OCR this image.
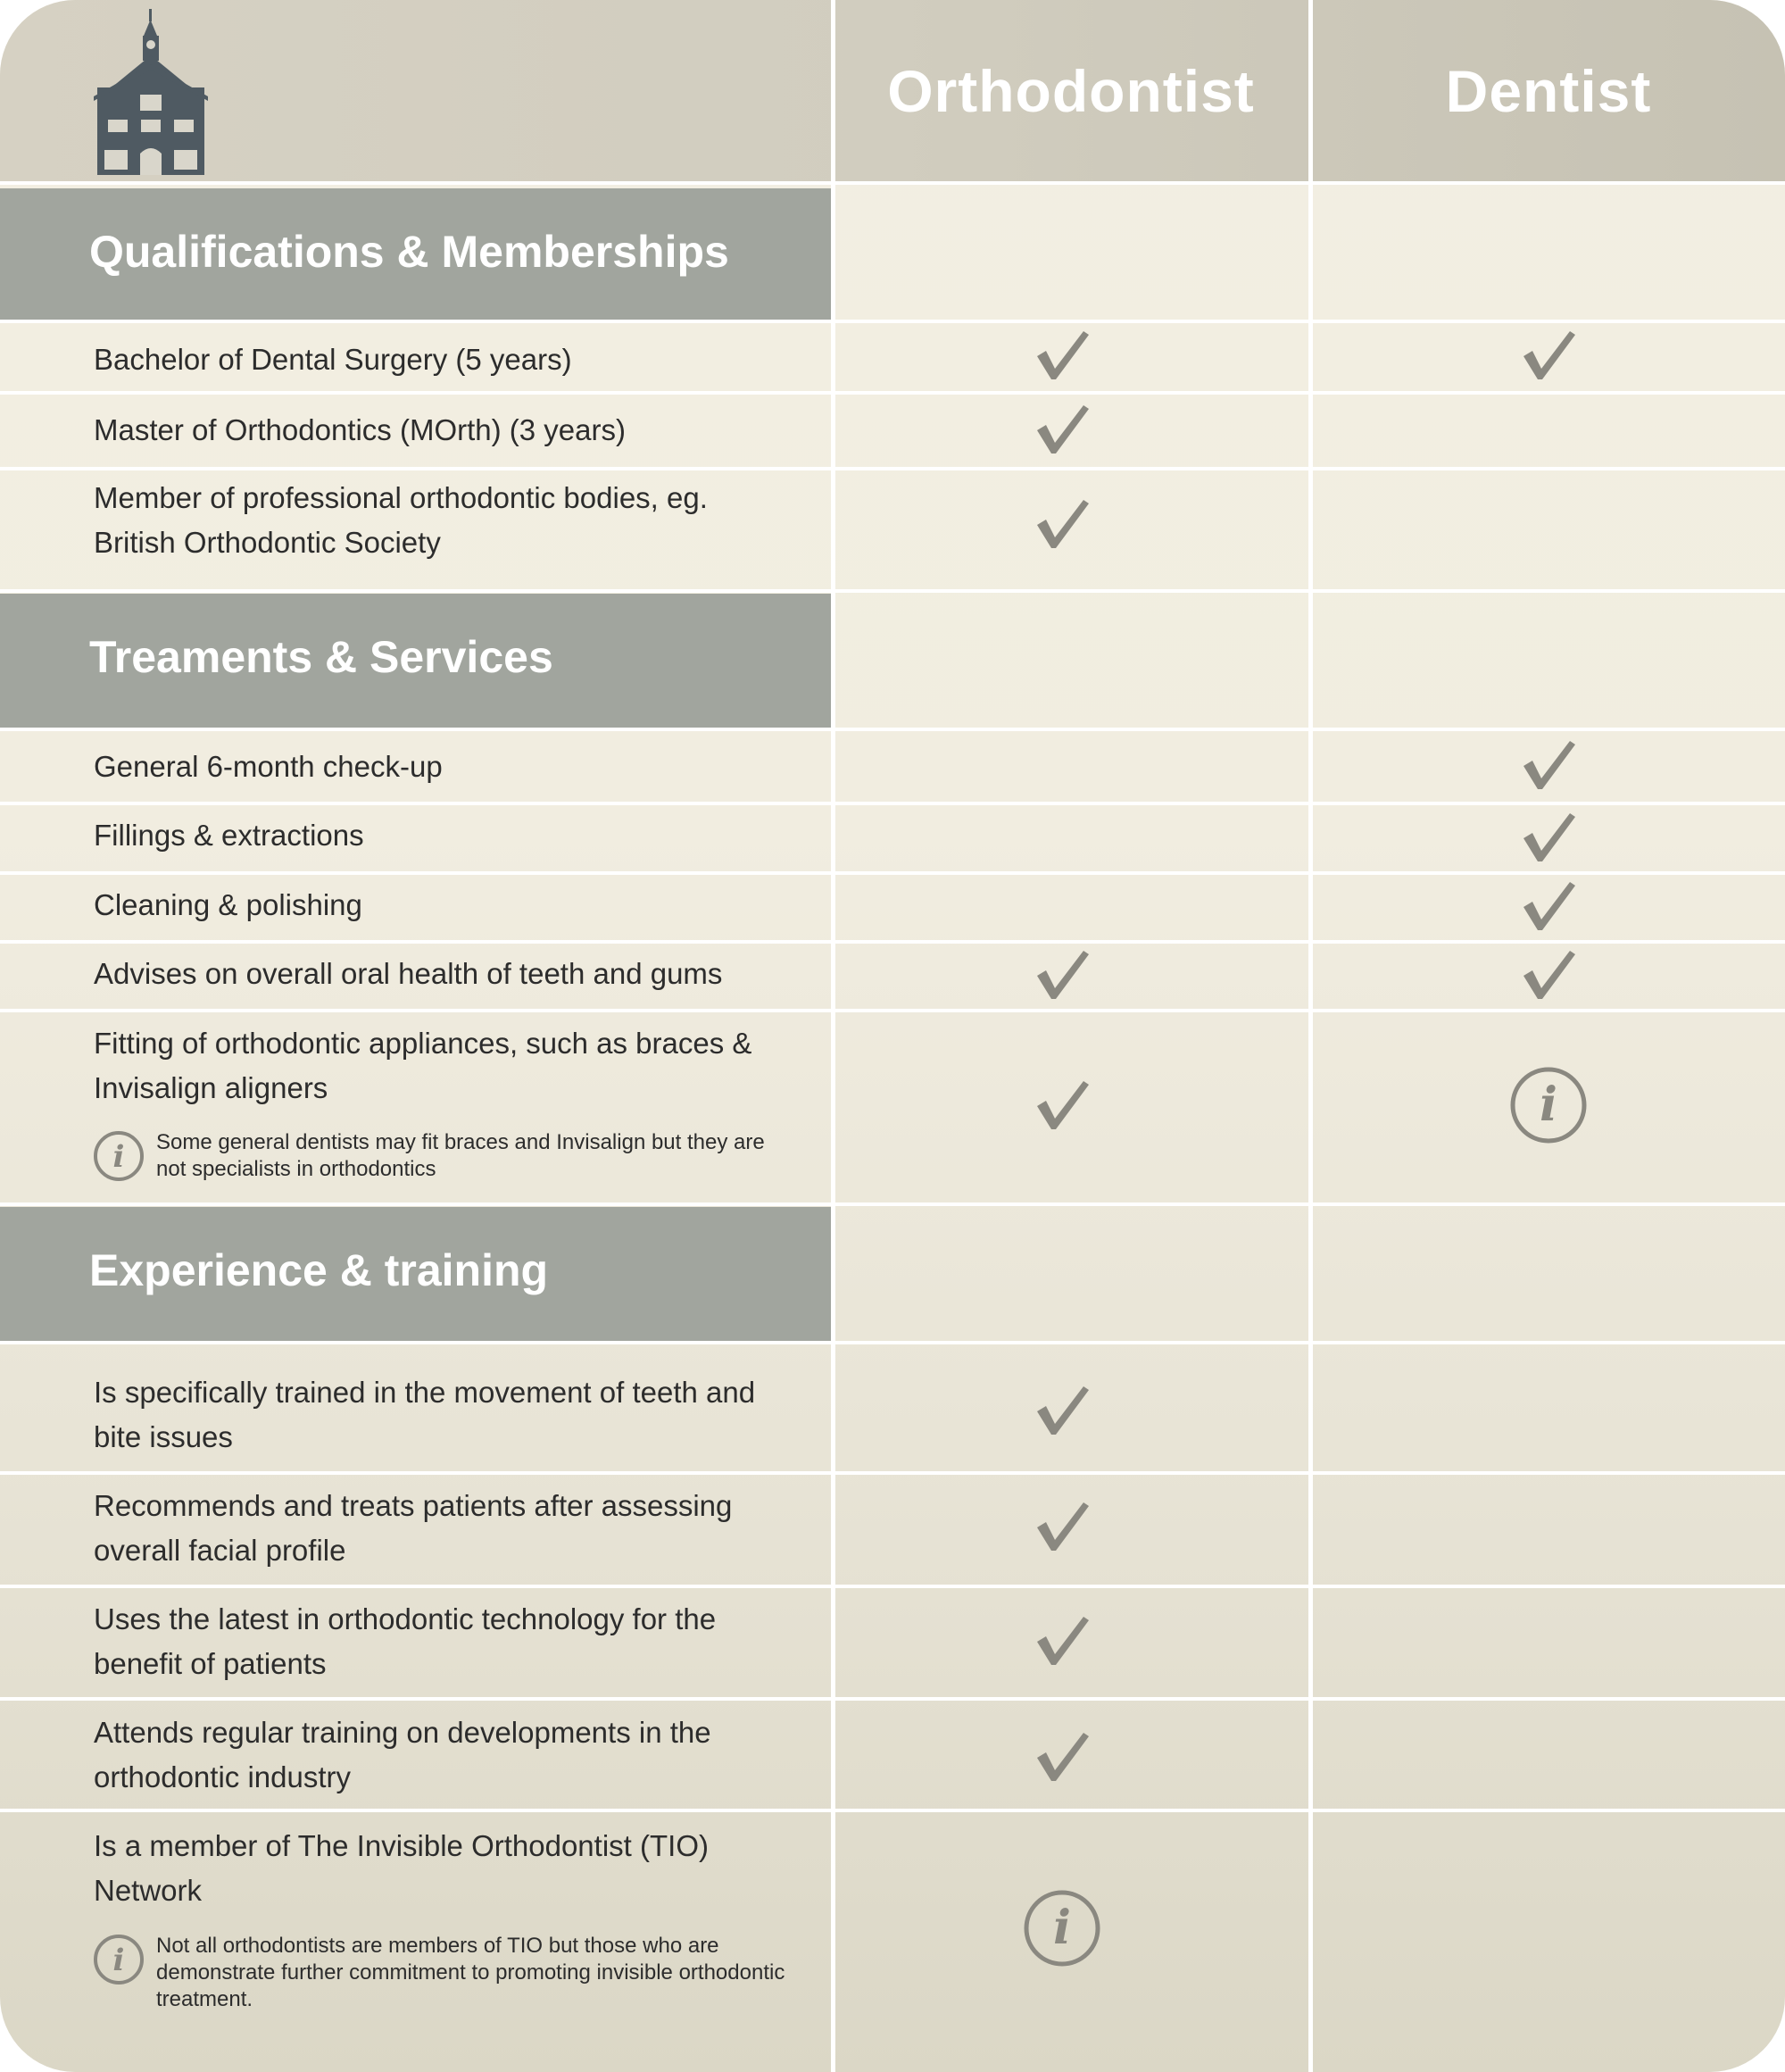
Orthodontist	Dentist
Qualifications & Memberships
Treaments & Services
Experience & training
Bachelor of Dental Surgery (5 years)
Master of Orthodontics (MOrth) (3 years)
Member of professional orthodontic bodies, eg. British Orthodontic Society
General 6-month check-up
Fillings & extractions
Cleaning & polishing
Advises on overall oral health of teeth and gums
Fitting of orthodontic appliances, such as braces & Invisalign aligners
i Some general dentists may fit braces and Invisalign but they are not specialists in orthodontics
Is specifically trained in the movement of teeth and bite issues
Recommends and treats patients after assessing overall facial profile
Uses the latest in orthodontic technology for the benefit of patients
Attends regular training on developments in the orthodontic industry
Is a member of The Invisible Orthodontist (TIO) Network
i Not all orthodontists are members of TIO but those who are demonstrate further commitment to promoting invisible orthodontic treatment.
i
i
